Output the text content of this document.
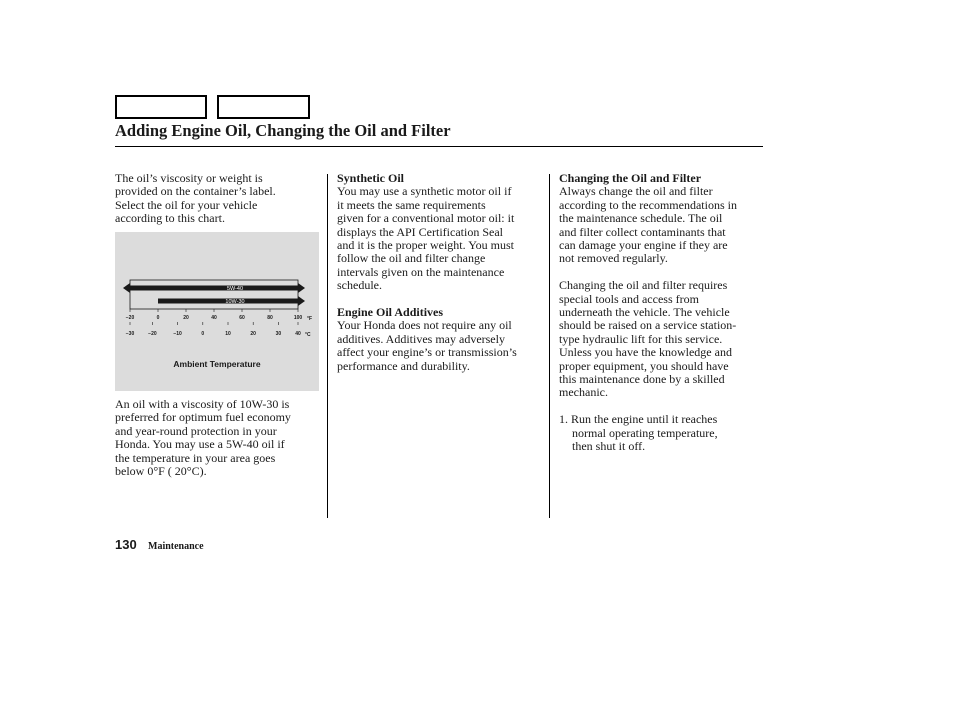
Adding Engine Oil, Changing the Oil and Filter

The oil’s viscosity or weight is

provided on the container’s label.

Select the oil for your vehicle

according to this chart.

5W-40
10W-30
−20	0	20	40	60	80	100 °F
−30	−20	−10	0	10	20	30	40 °C
Ambient Temperature

An oil with a viscosity of 10W-30 is

preferred for optimum fuel economy

and year-round protection in your

Honda. You may use a 5W-40 oil if

the temperature in your area goes

below 0°F ( 20°C).

Synthetic Oil

You may use a synthetic motor oil if

it meets the same requirements

given for a conventional motor oil: it

displays the API Certification Seal

and it is the proper weight. You must

follow the oil and filter change

intervals given on the maintenance

schedule.

Engine Oil Additives

Your Honda does not require any oil

additives. Additives may adversely

affect your engine’s or transmission’s

performance and durability.

Changing the Oil and Filter

Always change the oil and filter

according to the recommendations in

the maintenance schedule. The oil

and filter collect contaminants that

can damage your engine if they are

not removed regularly.

Changing the oil and filter requires

special tools and access from

underneath the vehicle. The vehicle

should be raised on a service station-

type hydraulic lift for this service.

Unless you have the knowledge and

proper equipment, you should have

this maintenance done by a skilled

mechanic.

1. Run the engine until it reaches

normal operating temperature,

then shut it off.

130 Maintenance
